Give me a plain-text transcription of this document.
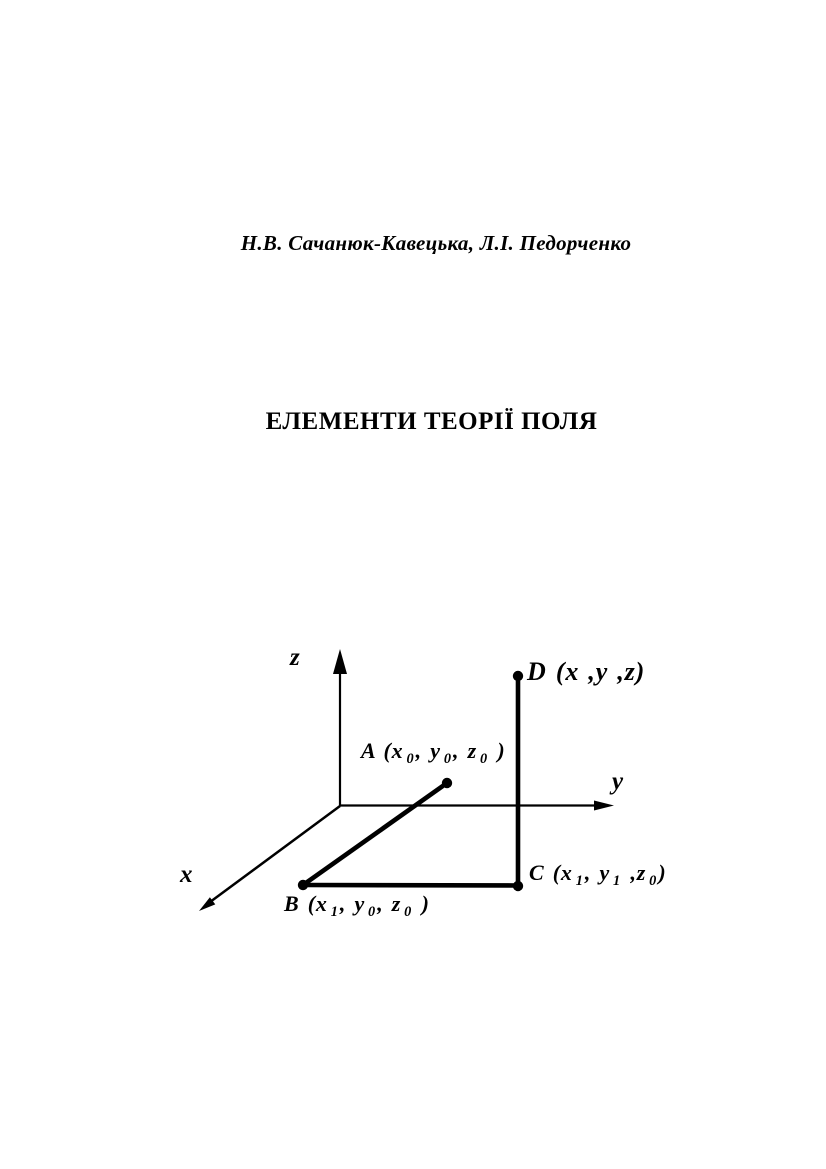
Н.В. Сачанюк-Кавецька, Л.І. Педорченко
ЕЛЕМЕНТИ ТЕОРІЇ ПОЛЯ
z
y
x
A (x $_0$, y $_0$, z $_0$ )
B (x $_1$, y $_0$, z $_0$ )
C (x $_1$, y $_1$ ,z $_0$)
D (x ,y ,z)
